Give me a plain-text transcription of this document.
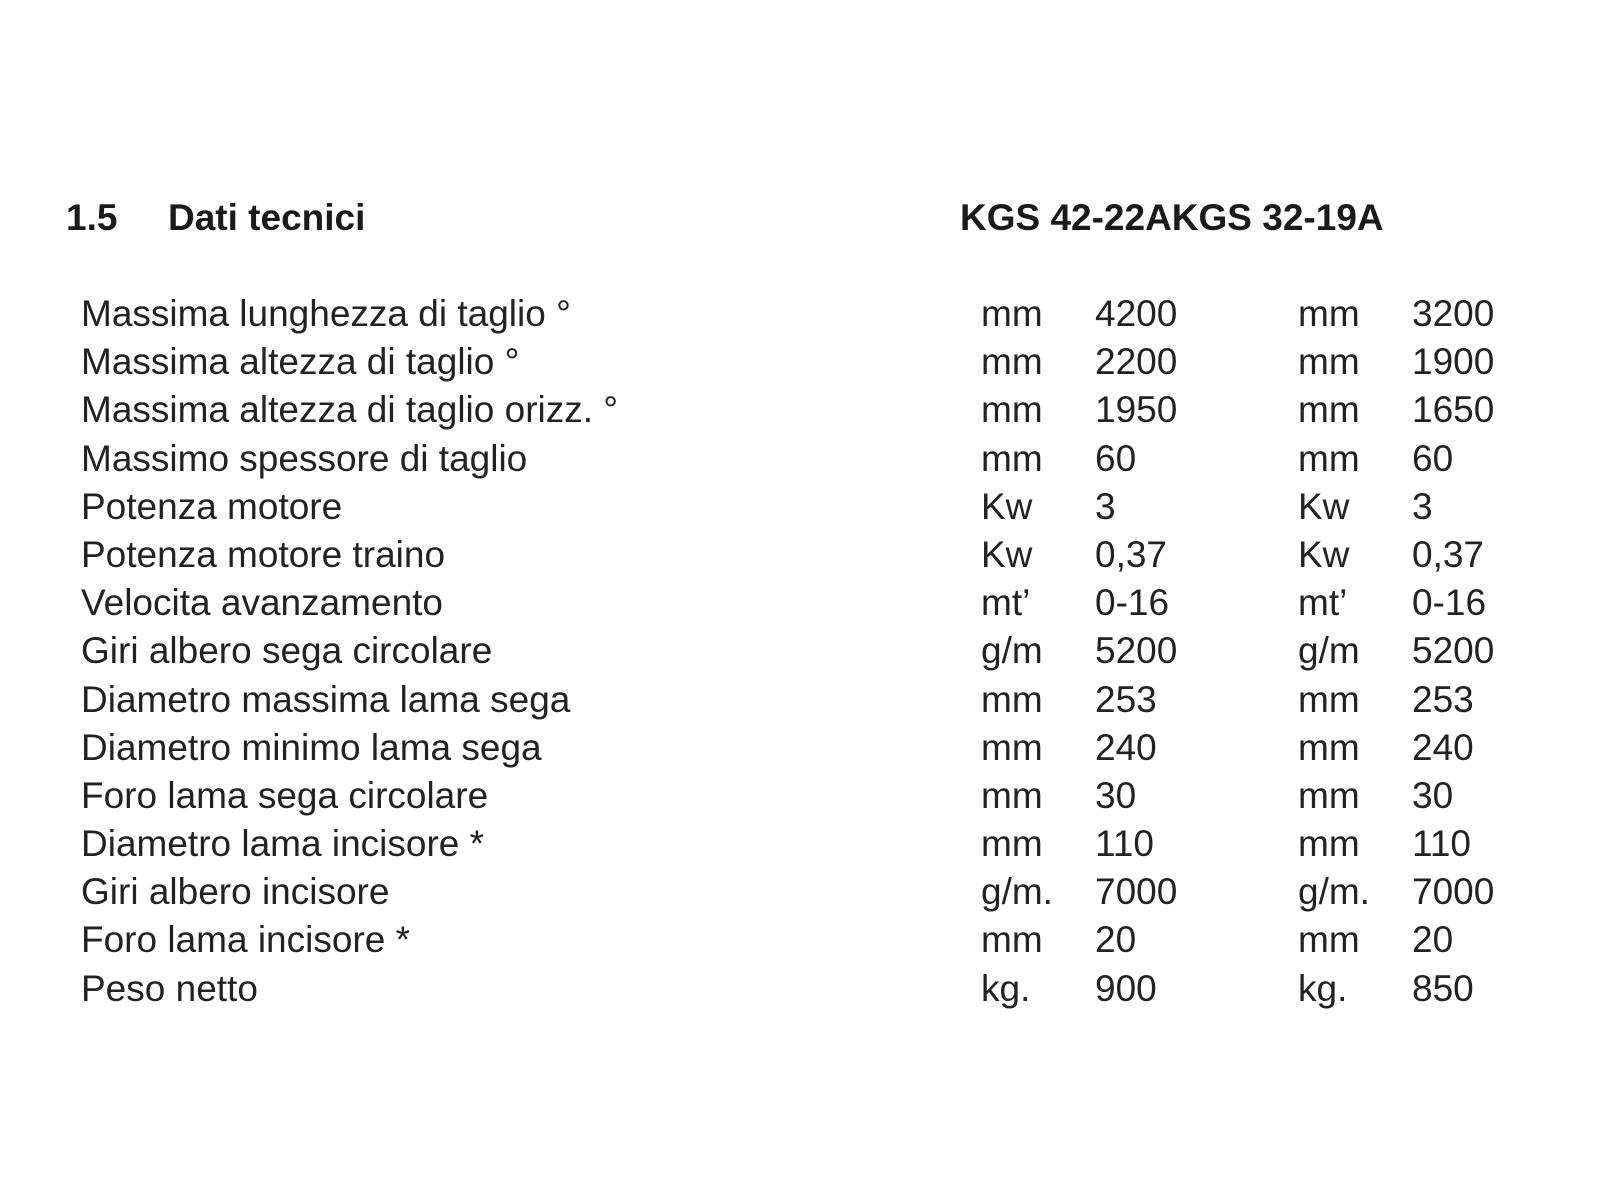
1.5 Dati tecnici	KGS 42-22AKGS 32-19A
Massima lunghezza di taglio °	mm 4200	mm 3200
Massima altezza di taglio °	mm 2200	mm 1900
Massima altezza di taglio orizz. °	mm 1950	mm 1650
Massimo spessore di taglio	mm 60	mm 60
Potenza motore	Kw 3	Kw 3
Potenza motore traino	Kw 0,37	Kw 0,37
Velocita avanzamento	mt’ 0-16	mt’ 0-16
Giri albero sega circolare	g/m 5200	g/m 5200
Diametro massima lama sega	mm 253	mm 253
Diametro minimo lama sega	mm 240	mm 240
Foro lama sega circolare	mm 30	mm 30
Diametro lama incisore *	mm 110	mm 110
Giri albero incisore	g/m. 7000	g/m. 7000
Foro lama incisore *	mm 20	mm 20
Peso netto	kg. 900	kg. 850
